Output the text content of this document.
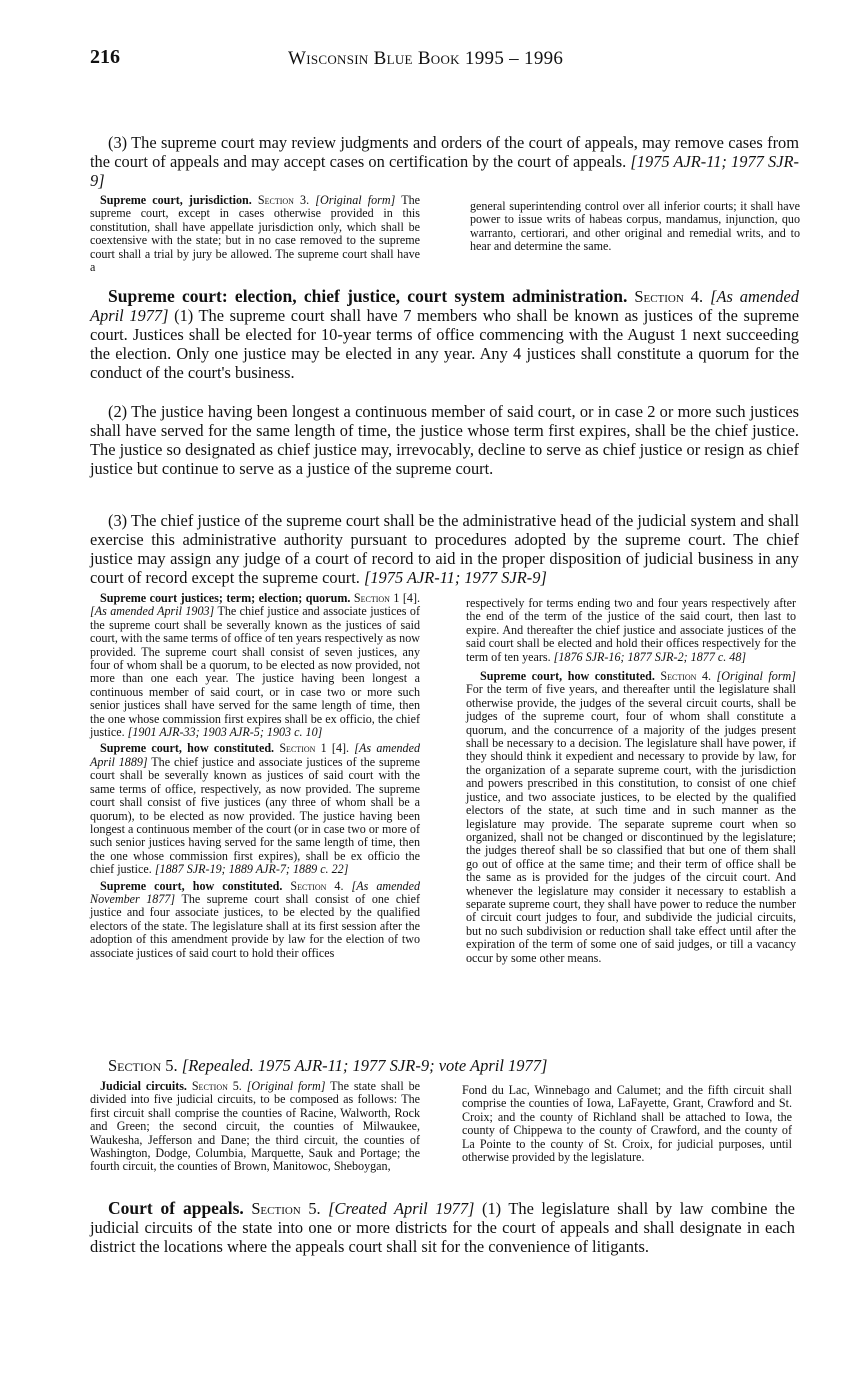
216	Wisconsin Blue Book 1995 – 1996
(3) The supreme court may review judgments and orders of the court of appeals, may remove cases from the court of appeals and may accept cases on certification by the court of appeals. [1975 AJR-11; 1977 SJR-9]

Supreme court, jurisdiction. Section 3. [Original form] The supreme court, except in cases otherwise provided in this constitution, shall have appellate jurisdiction only, which shall be coextensive with the state; but in no case removed to the supreme court shall a trial by jury be allowed. The supreme court shall have a

general superintending control over all inferior courts; it shall have power to issue writs of habeas corpus, mandamus, injunction, quo warranto, certiorari, and other original and remedial writs, and to hear and determine the same.

Supreme court: election, chief justice, court system administration. Section 4. [As amended April 1977] (1) The supreme court shall have 7 members who shall be known as justices of the supreme court. Justices shall be elected for 10-year terms of office commencing with the August 1 next succeeding the election. Only one justice may be elected in any year. Any 4 justices shall constitute a quorum for the conduct of the court's business.
(2) The justice having been longest a continuous member of said court, or in case 2 or more such justices shall have served for the same length of time, the justice whose term first expires, shall be the chief justice. The justice so designated as chief justice may, irrevocably, decline to serve as chief justice or resign as chief justice but continue to serve as a justice of the supreme court.
(3) The chief justice of the supreme court shall be the administrative head of the judicial system and shall exercise this administrative authority pursuant to procedures adopted by the supreme court. The chief justice may assign any judge of a court of record to aid in the proper disposition of judicial business in any court of record except the supreme court. [1975 AJR-11; 1977 SJR-9]

Supreme court justices; term; election; quorum. Section 1 [4]. [As amended April 1903] The chief justice and associate justices of the supreme court shall be severally known as the justices of said court, with the same terms of office of ten years respectively as now provided. The supreme court shall consist of seven justices, any four of whom shall be a quorum, to be elected as now provided, not more than one each year. The justice having been longest a continuous member of said court, or in case two or more such senior justices shall have served for the same length of time, then the one whose commission first expires shall be ex officio, the chief justice. [1901 AJR-33; 1903 AJR-5; 1903 c. 10]

Supreme court, how constituted. Section 1 [4]. [As amended April 1889] The chief justice and associate justices of the supreme court shall be severally known as justices of said court with the same terms of office, respectively, as now provided. The supreme court shall consist of five justices (any three of whom shall be a quorum), to be elected as now provided. The justice having been longest a continuous member of the court (or in case two or more of such senior justices having served for the same length of time, then the one whose commission first expires), shall be ex officio the chief justice. [1887 SJR-19; 1889 AJR-7; 1889 c. 22]

Supreme court, how constituted. Section 4. [As amended November 1877] The supreme court shall consist of one chief justice and four associate justices, to be elected by the qualified electors of the state. The legislature shall at its first session after the adoption of this amendment provide by law for the election of two associate justices of said court to hold their offices

respectively for terms ending two and four years respectively after the end of the term of the justice of the said court, then last to expire. And thereafter the chief justice and associate justices of the said court shall be elected and hold their offices respectively for the term of ten years. [1876 SJR-16; 1877 SJR-2; 1877 c. 48]

Supreme court, how constituted. Section 4. [Original form] For the term of five years, and thereafter until the legislature shall otherwise provide, the judges of the several circuit courts, shall be judges of the supreme court, four of whom shall constitute a quorum, and the concurrence of a majority of the judges present shall be necessary to a decision. The legislature shall have power, if they should think it expedient and necessary to provide by law, for the organization of a separate supreme court, with the jurisdiction and powers prescribed in this constitution, to consist of one chief justice, and two associate justices, to be elected by the qualified electors of the state, at such time and in such manner as the legislature may provide. The separate supreme court when so organized, shall not be changed or discontinued by the legislature; the judges thereof shall be so classified that but one of them shall go out of office at the same time; and their term of office shall be the same as is provided for the judges of the circuit court. And whenever the legislature may consider it necessary to establish a separate supreme court, they shall have power to reduce the number of circuit court judges to four, and subdivide the judicial circuits, but no such subdivision or reduction shall take effect until after the expiration of the term of some one of said judges, or till a vacancy occur by some other means.

Section 5. [Repealed. 1975 AJR-11; 1977 SJR-9; vote April 1977]

Judicial circuits. Section 5. [Original form] The state shall be divided into five judicial circuits, to be composed as follows: The first circuit shall comprise the counties of Racine, Walworth, Rock and Green; the second circuit, the counties of Milwaukee, Waukesha, Jefferson and Dane; the third circuit, the counties of Washington, Dodge, Columbia, Marquette, Sauk and Portage; the fourth circuit, the counties of Brown, Manitowoc, Sheboygan,

Fond du Lac, Winnebago and Calumet; and the fifth circuit shall comprise the counties of Iowa, LaFayette, Grant, Crawford and St. Croix; and the county of Richland shall be attached to Iowa, the county of Chippewa to the county of Crawford, and the county of La Pointe to the county of St. Croix, for judicial purposes, until otherwise provided by the legislature.

Court of appeals. Section 5. [Created April 1977] (1) The legislature shall by law combine the judicial circuits of the state into one or more districts for the court of appeals and shall designate in each district the locations where the appeals court shall sit for the convenience of litigants.
